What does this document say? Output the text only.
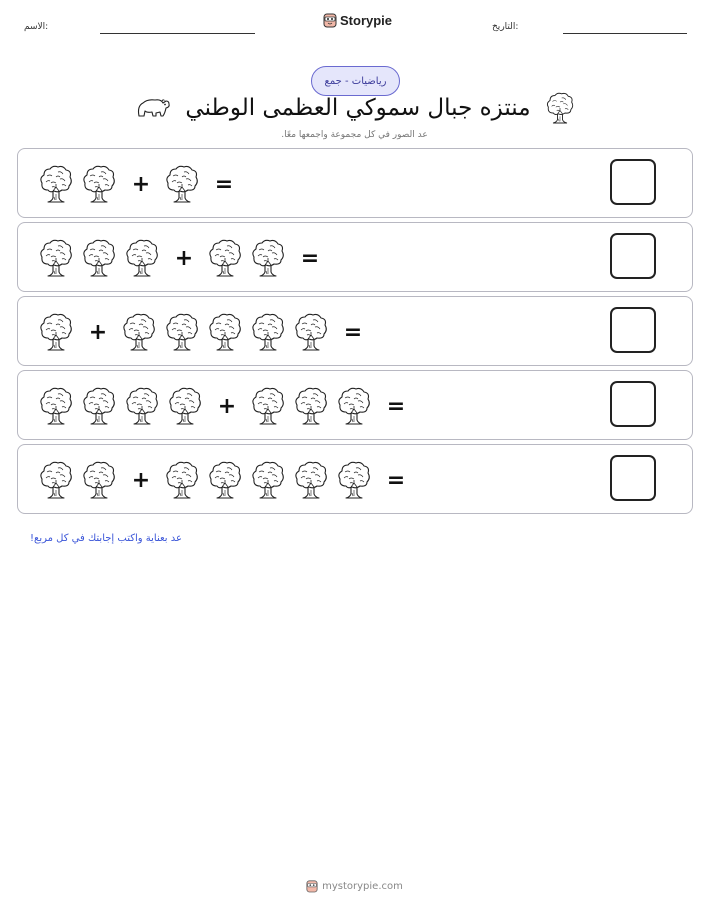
الاسم:	Storypie	التاريخ:
رياضيات - جمع
منتزه جبال سموكي العظمى الوطني
عد الصور في كل مجموعة واجمعها معًا.
+	=
+	=
+	=
+	=
+	=
عد بعناية واكتب إجابتك في كل مربع!
mystorypie.com
